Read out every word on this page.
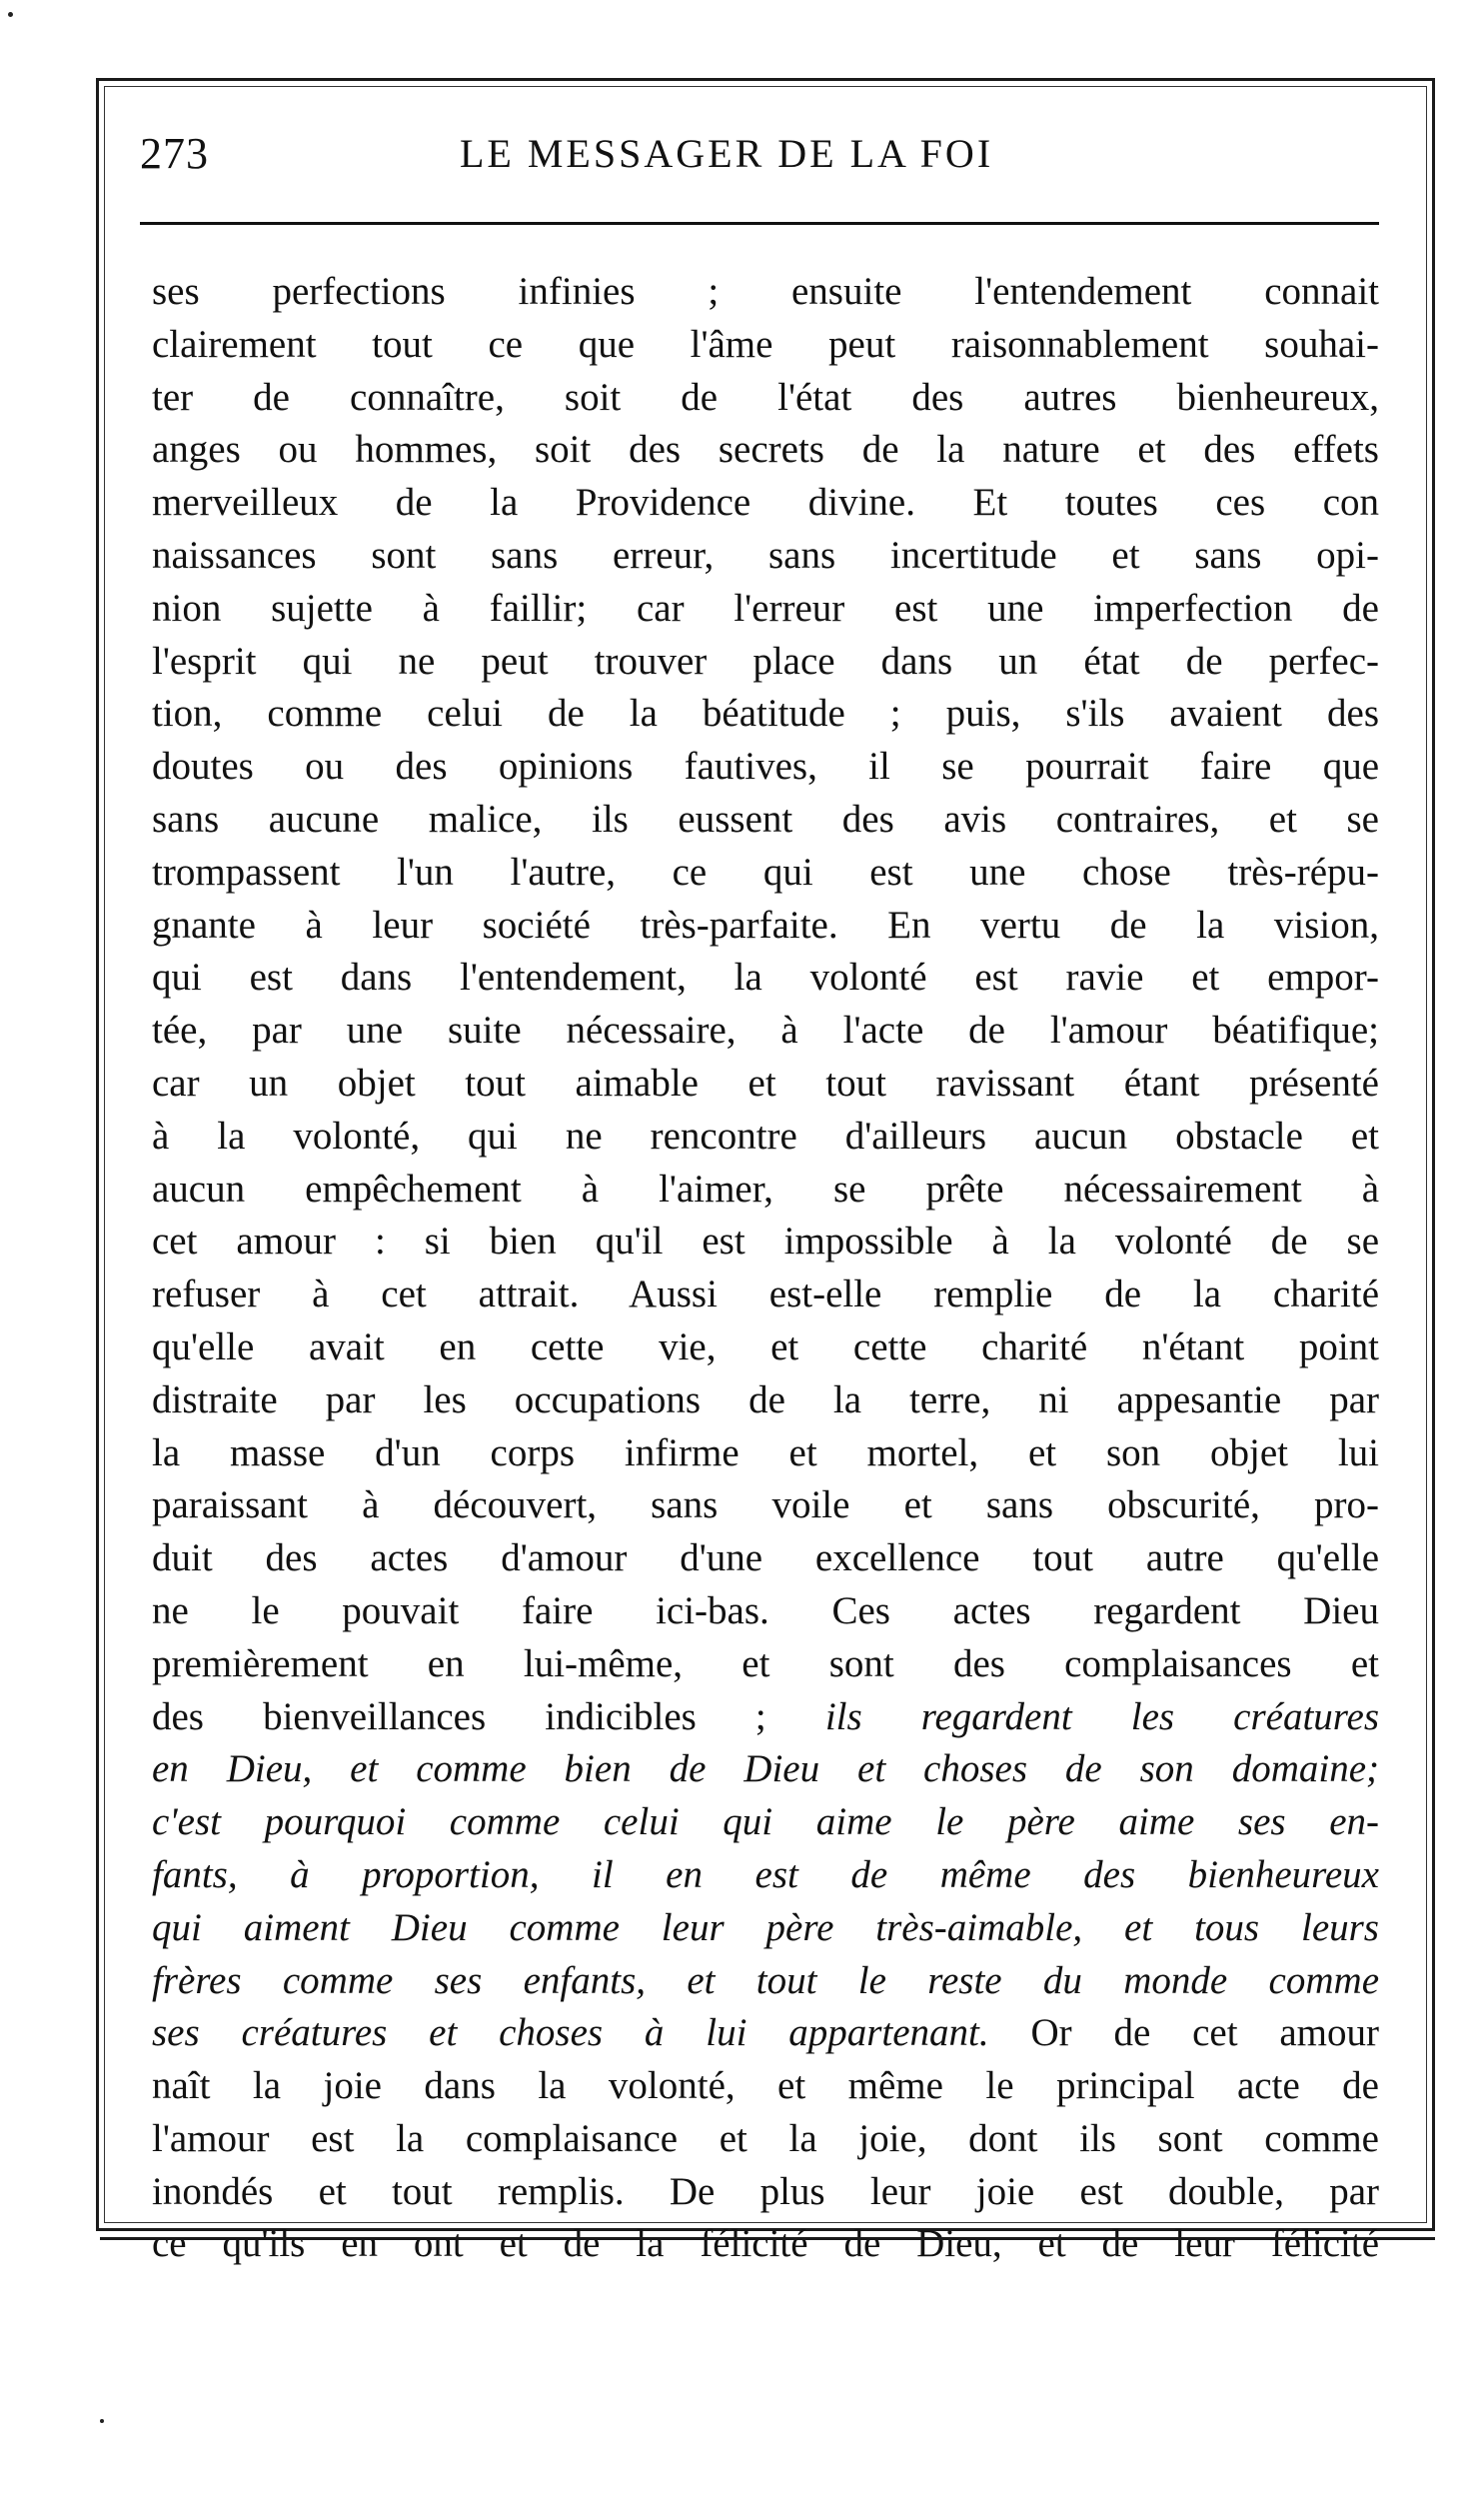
273	LE MESSAGER DE LA FOI
ses perfections infinies ; ensuite l'entendement connait
clairement tout ce que l'âme peut raisonnablement souhai-
ter de connaître, soit de l'état des autres bienheureux,
anges ou hommes, soit des secrets de la nature et des effets
merveilleux de la Providence divine. Et toutes ces con
naissances sont sans erreur, sans incertitude et sans opi-
nion sujette à faillir; car l'erreur est une imperfection de
l'esprit qui ne peut trouver place dans un état de perfec-
tion, comme celui de la béatitude ; puis, s'ils avaient des
doutes ou des opinions fautives, il se pourrait faire que
sans aucune malice, ils eussent des avis contraires, et se
trompassent l'un l'autre, ce qui est une chose très-répu-
gnante à leur société très-parfaite. En vertu de la vision,
qui est dans l'entendement, la volonté est ravie et empor-
tée, par une suite nécessaire, à l'acte de l'amour béatifique;
car un objet tout aimable et tout ravissant étant présenté
à la volonté, qui ne rencontre d'ailleurs aucun obstacle et
aucun empêchement à l'aimer, se prête nécessairement à
cet amour : si bien qu'il est impossible à la volonté de se
refuser à cet attrait. Aussi est-elle remplie de la charité
qu'elle avait en cette vie, et cette charité n'étant point
distraite par les occupations de la terre, ni appesantie par
la masse d'un corps infirme et mortel, et son objet lui
paraissant à découvert, sans voile et sans obscurité, pro-
duit des actes d'amour d'une excellence tout autre qu'elle
ne le pouvait faire ici-bas. Ces actes regardent Dieu
premièrement en lui-même, et sont des complaisances et
des bienveillances indicibles ; ils regardent les créatures
en Dieu, et comme bien de Dieu et choses de son domaine;
c'est pourquoi comme celui qui aime le père aime ses en-
fants, à proportion, il en est de même des bienheureux
qui aiment Dieu comme leur père très-aimable, et tous leurs
frères comme ses enfants, et tout le reste du monde comme
ses créatures et choses à lui appartenant. Or de cet amour
naît la joie dans la volonté, et même le principal acte de
l'amour est la complaisance et la joie, dont ils sont comme
inondés et tout remplis. De plus leur joie est double, par
ce qu'ils en ont et de la félicité de Dieu, et de leur félicité
